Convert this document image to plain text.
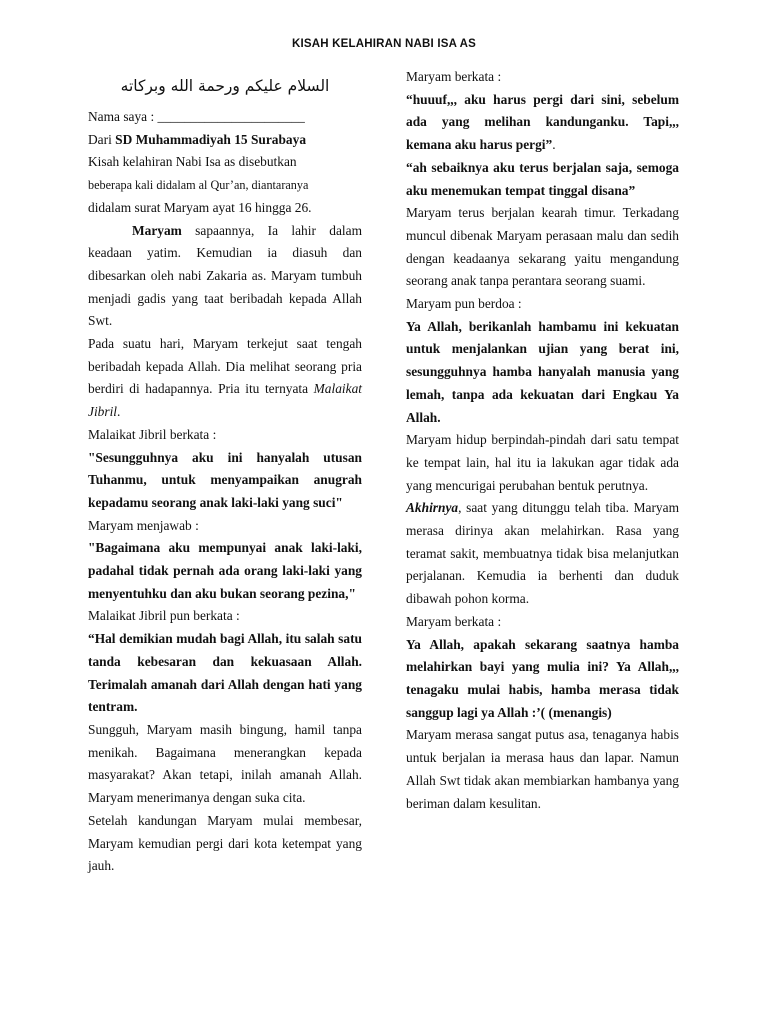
KISAH KELAHIRAN NABI ISA AS
السلام عليكم ورحمة الله وبركاته

Nama saya : ______________________

Dari SD Muhammadiyah 15 Surabaya

Kisah kelahiran Nabi Isa as disebutkan

beberapa kali didalam al Qur’an, diantaranya

didalam surat Maryam ayat 16 hingga 26.

Maryam sapaannya, Ia lahir dalam keadaan yatim. Kemudian ia diasuh dan dibesarkan oleh nabi Zakaria as. Maryam tumbuh menjadi gadis yang taat beribadah kepada Allah Swt.

Pada suatu hari, Maryam terkejut saat tengah beribadah kepada Allah. Dia melihat seorang pria berdiri di hadapannya. Pria itu ternyata Malaikat Jibril.

Malaikat Jibril berkata :

"Sesungguhnya aku ini hanyalah utusan Tuhanmu, untuk menyampaikan anugrah kepadamu seorang anak laki-laki yang suci"

Maryam menjawab :

"Bagaimana aku mempunyai anak laki-laki, padahal tidak pernah ada orang laki-laki yang menyentuhku dan aku bukan seorang pezina,"

Malaikat Jibril pun berkata :

“Hal demikian mudah bagi Allah, itu salah satu tanda kebesaran dan kekuasaan Allah. Terimalah amanah dari Allah dengan hati yang tentram.

Sungguh, Maryam masih bingung, hamil tanpa menikah. Bagaimana menerangkan kepada masyarakat? Akan tetapi, inilah amanah Allah. Maryam menerimanya dengan suka cita.

Setelah kandungan Maryam mulai membesar, Maryam kemudian pergi dari kota ketempat yang jauh.

Maryam berkata :

“huuuf,,, aku harus pergi dari sini, sebelum ada yang melihan kandunganku. Tapi,,, kemana aku harus pergi”.

“ah sebaiknya aku terus berjalan saja, semoga aku menemukan tempat tinggal disana”

Maryam terus berjalan kearah timur. Terkadang muncul dibenak Maryam perasaan malu dan sedih dengan keadaanya sekarang yaitu mengandung seorang anak tanpa perantara seorang suami.

Maryam pun berdoa :

Ya Allah, berikanlah hambamu ini kekuatan untuk menjalankan ujian yang berat ini, sesungguhnya hamba hanyalah manusia yang lemah, tanpa ada kekuatan dari Engkau Ya Allah.

Maryam hidup berpindah-pindah dari satu tempat ke tempat lain, hal itu ia lakukan agar tidak ada yang mencurigai perubahan bentuk perutnya.

Akhirnya, saat yang ditunggu telah tiba. Maryam merasa dirinya akan melahirkan. Rasa yang teramat sakit, membuatnya tidak bisa melanjutkan perjalanan. Kemudia ia berhenti dan duduk dibawah pohon korma.

Maryam berkata :

Ya Allah, apakah sekarang saatnya hamba melahirkan bayi yang mulia ini? Ya Allah,,, tenagaku mulai habis, hamba merasa tidak sanggup lagi ya Allah :’( (menangis)

Maryam merasa sangat putus asa, tenaganya habis untuk berjalan ia merasa haus dan lapar. Namun Allah Swt tidak akan membiarkan hambanya yang beriman dalam kesulitan.
